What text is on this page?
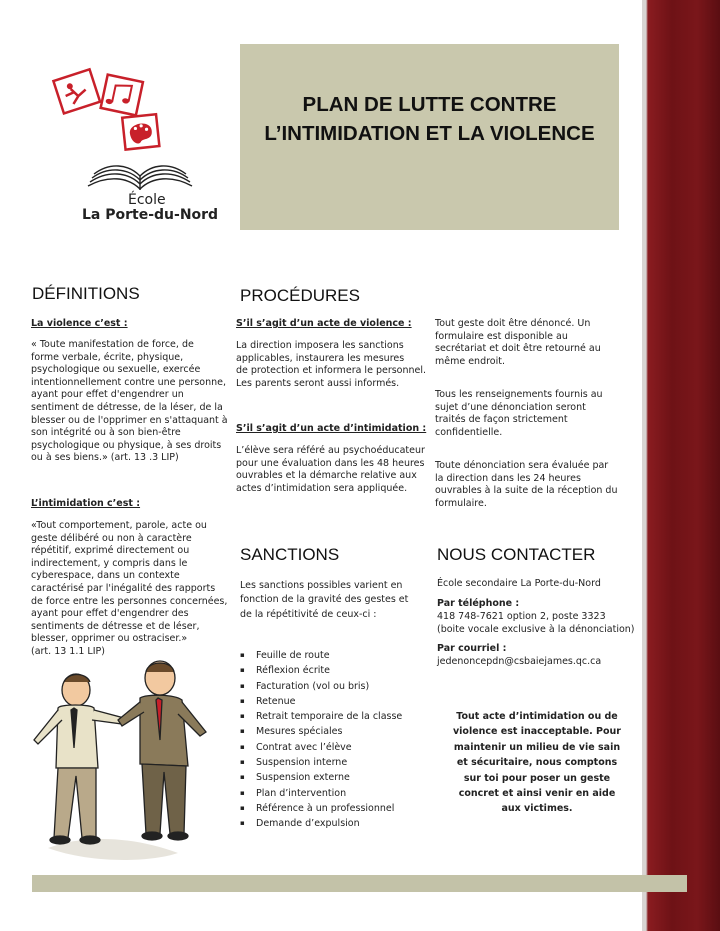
PLAN DE LUTTE CONTRE
L’INTIMIDATION ET LA VIOLENCE
École
La Porte-du-Nord
DÉFINITIONS
La violence c’est :
« Toute manifestation de force, de
forme verbale, écrite, physique,
psychologique ou sexuelle, exercée
intentionnellement contre une personne,
ayant pour effet d'engendrer un
sentiment de détresse, de la léser, de la
blesser ou de l'opprimer en s'attaquant à
son intégrité ou à son bien-être
psychologique ou physique, à ses droits
ou à ses biens.» (art. 13 .3 LIP)
L’intimidation c’est :
«Tout comportement, parole, acte ou
geste délibéré ou non à caractère
répétitif, exprimé directement ou
indirectement, y compris dans le
cyberespace, dans un contexte
caractérisé par l'inégalité des rapports
de force entre les personnes concernées,
ayant pour effet d'engendrer des
sentiments de détresse et de léser,
blesser, opprimer ou ostraciser.»
(art. 13 1.1 LIP)
PROCÉDURES
S’il s’agit d’un acte de violence :
La direction imposera les sanctions
applicables, instaurera les mesures
de protection et informera le personnel.
Les parents seront aussi informés.
S’il s’agit d’un acte d’intimidation :
L’élève sera référé au psychoéducateur
pour une évaluation dans les 48 heures
ouvrables et la démarche relative aux
actes d’intimidation sera appliquée.
Tout geste doit être dénoncé. Un
formulaire est disponible au
secrétariat et doit être retourné au
même endroit.
Tous les renseignements fournis au
sujet d’une dénonciation seront
traités de façon strictement
confidentielle.
Toute dénonciation sera évaluée par
la direction dans les 24 heures
ouvrables à la suite de la réception du
formulaire.
SANCTIONS
Les sanctions possibles varient en
fonction de la gravité des gestes et
de la répétitivité de ceux-ci :
▪ Feuille de route
▪ Réflexion écrite
▪ Facturation (vol ou bris)
▪ Retenue
▪ Retrait temporaire de la classe
▪ Mesures spéciales
▪ Contrat avec l’élève
▪ Suspension interne
▪ Suspension externe
▪ Plan d’intervention
▪ Référence à un professionnel
▪ Demande d’expulsion
NOUS CONTACTER
École secondaire La Porte-du-Nord
Par téléphone :
418 748-7621 option 2, poste 3323
(boite vocale exclusive à la dénonciation)
Par courriel :
jedenoncepdn@csbaiejames.qc.ca
Tout acte d’intimidation ou de
violence est inacceptable. Pour
maintenir un milieu de vie sain
et sécuritaire, nous comptons
sur toi pour poser un geste
concret et ainsi venir en aide
aux victimes.
